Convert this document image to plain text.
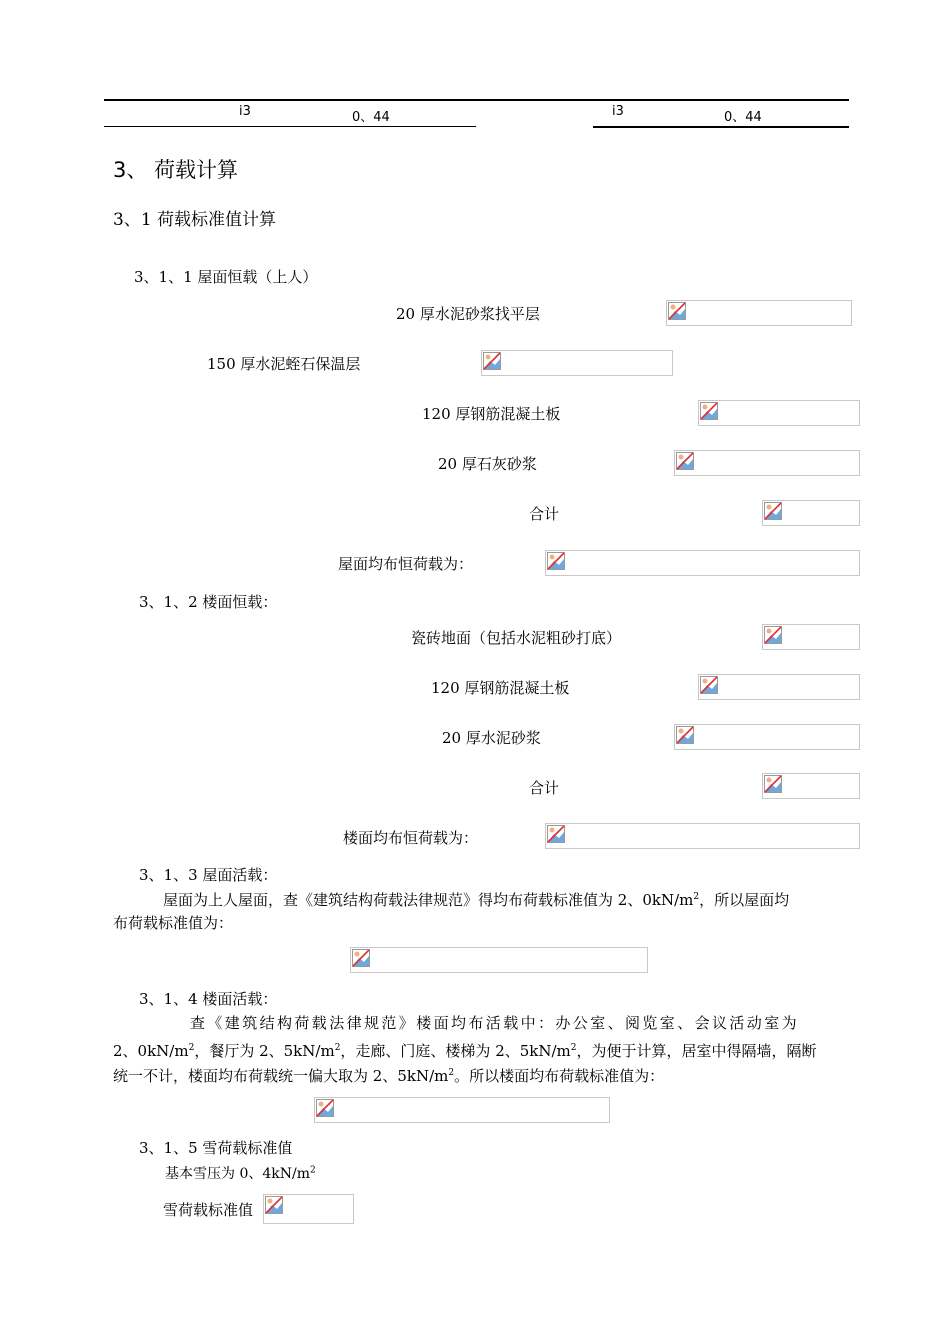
i3	0、44	i3	0、44
3、 荷载计算
3、1 荷载标准值计算
3、1、1 屋面恒载（上人）
20 厚水泥砂浆找平层
150 厚水泥蛭石保温层
120 厚钢筋混凝土板
20 厚石灰砂浆
合计
屋面均布恒荷载为：
3、1、2 楼面恒载：
瓷砖地面（包括水泥粗砂打底）
120 厚钢筋混凝土板
20 厚水泥砂浆
合计
楼面均布恒荷载为：
3、1、3 屋面活载：
屋面为上人屋面，查《建筑结构荷载法律规范》得均布荷载标准值为 2、$0kN/m^2$，所以屋面均
布荷载标准值为：
3、1、4 楼面活载：
查《建筑结构荷载法律规范》楼面均布活载中：办公室、阅览室、会议活动室为
2、$0kN/m^2$，餐厅为 2、$5kN/m^2$，走廊、门庭、楼梯为 2、$5kN/m^2$，为便于计算，居室中得隔墙，隔断
统一不计，楼面均布荷载统一偏大取为 2、$5kN/m^2$。所以楼面均布荷载标准值为：
3、1、5 雪荷载标准值
基本雪压为 0、$4kN/m^2$
雪荷载标准值
